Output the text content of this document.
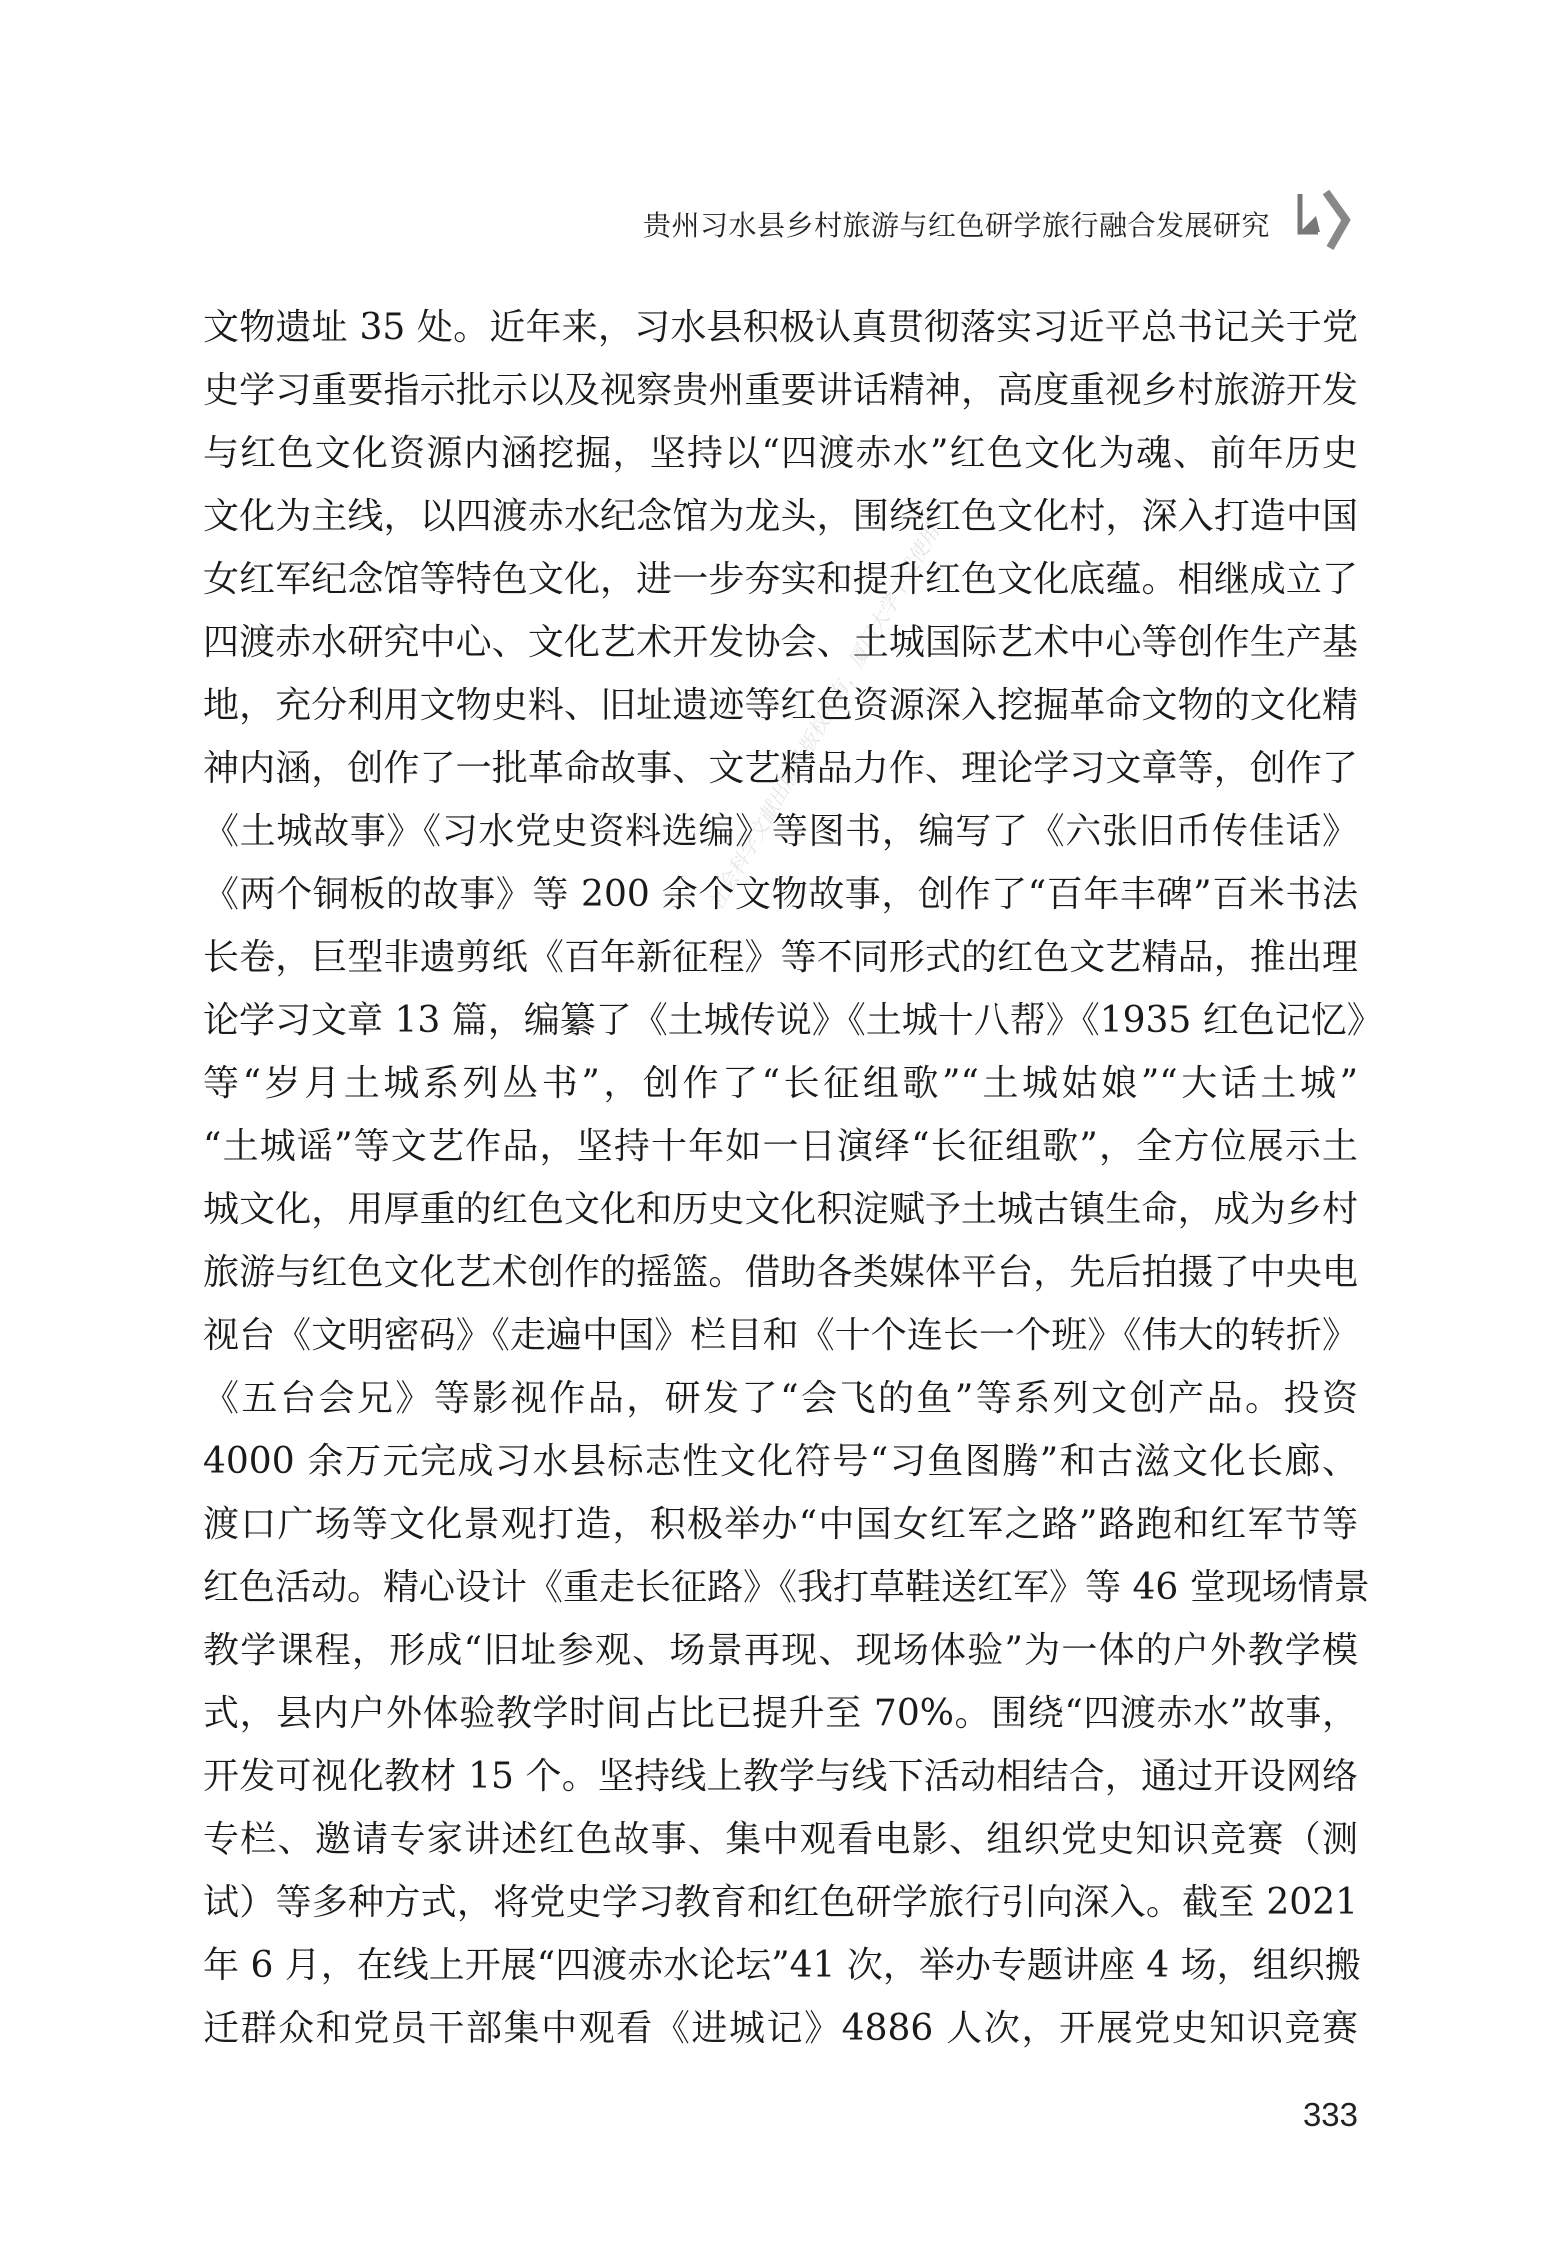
贵州习水县乡村旅游与红色研学旅行融合发展研究
社会科学文献出版社版权所有，厦门大学下载使用
文物遗址 35 处。近年来，习水县积极认真贯彻落实习近平总书记关于党
史学习重要指示批示以及视察贵州重要讲话精神，高度重视乡村旅游开发
与红色文化资源内涵挖掘，坚持以“四渡赤水”红色文化为魂、前年历史
文化为主线，以四渡赤水纪念馆为龙头，围绕红色文化村，深入打造中国
女红军纪念馆等特色文化，进一步夯实和提升红色文化底蕴。相继成立了
四渡赤水研究中心、文化艺术开发协会、土城国际艺术中心等创作生产基
地，充分利用文物史料、旧址遗迹等红色资源深入挖掘革命文物的文化精
神内涵，创作了一批革命故事、文艺精品力作、理论学习文章等，创作了
《土城故事》《习水党史资料选编》等图书，编写了《六张旧币传佳话》
《两个铜板的故事》等 200 余个文物故事，创作了“百年丰碑”百米书法
长卷，巨型非遗剪纸《百年新征程》等不同形式的红色文艺精品，推出理
论学习文章 13 篇，编纂了《土城传说》《土城十八帮》《1935 红色记忆》
等“岁月土城系列丛书”，创作了“长征组歌”“土城姑娘”“大话土城”
“土城谣”等文艺作品，坚持十年如一日演绎“长征组歌”，全方位展示土
城文化，用厚重的红色文化和历史文化积淀赋予土城古镇生命，成为乡村
旅游与红色文化艺术创作的摇篮。借助各类媒体平台，先后拍摄了中央电
视台《文明密码》《走遍中国》栏目和《十个连长一个班》《伟大的转折》
《五台会兄》等影视作品，研发了“会飞的鱼”等系列文创产品。投资
4000 余万元完成习水县标志性文化符号“习鱼图腾”和古滋文化长廊、
渡口广场等文化景观打造，积极举办“中国女红军之路”路跑和红军节等
红色活动。精心设计《重走长征路》《我打草鞋送红军》等 46 堂现场情景
教学课程，形成“旧址参观、场景再现、现场体验”为一体的户外教学模
式，县内户外体验教学时间占比已提升至 70%。围绕“四渡赤水”故事，
开发可视化教材 15 个。坚持线上教学与线下活动相结合，通过开设网络
专栏、邀请专家讲述红色故事、集中观看电影、组织党史知识竞赛（测
试）等多种方式，将党史学习教育和红色研学旅行引向深入。截至 2021
年 6 月，在线上开展“四渡赤水论坛”41 次，举办专题讲座 4 场，组织搬
迁群众和党员干部集中观看《进城记》4886 人次，开展党史知识竞赛
333
